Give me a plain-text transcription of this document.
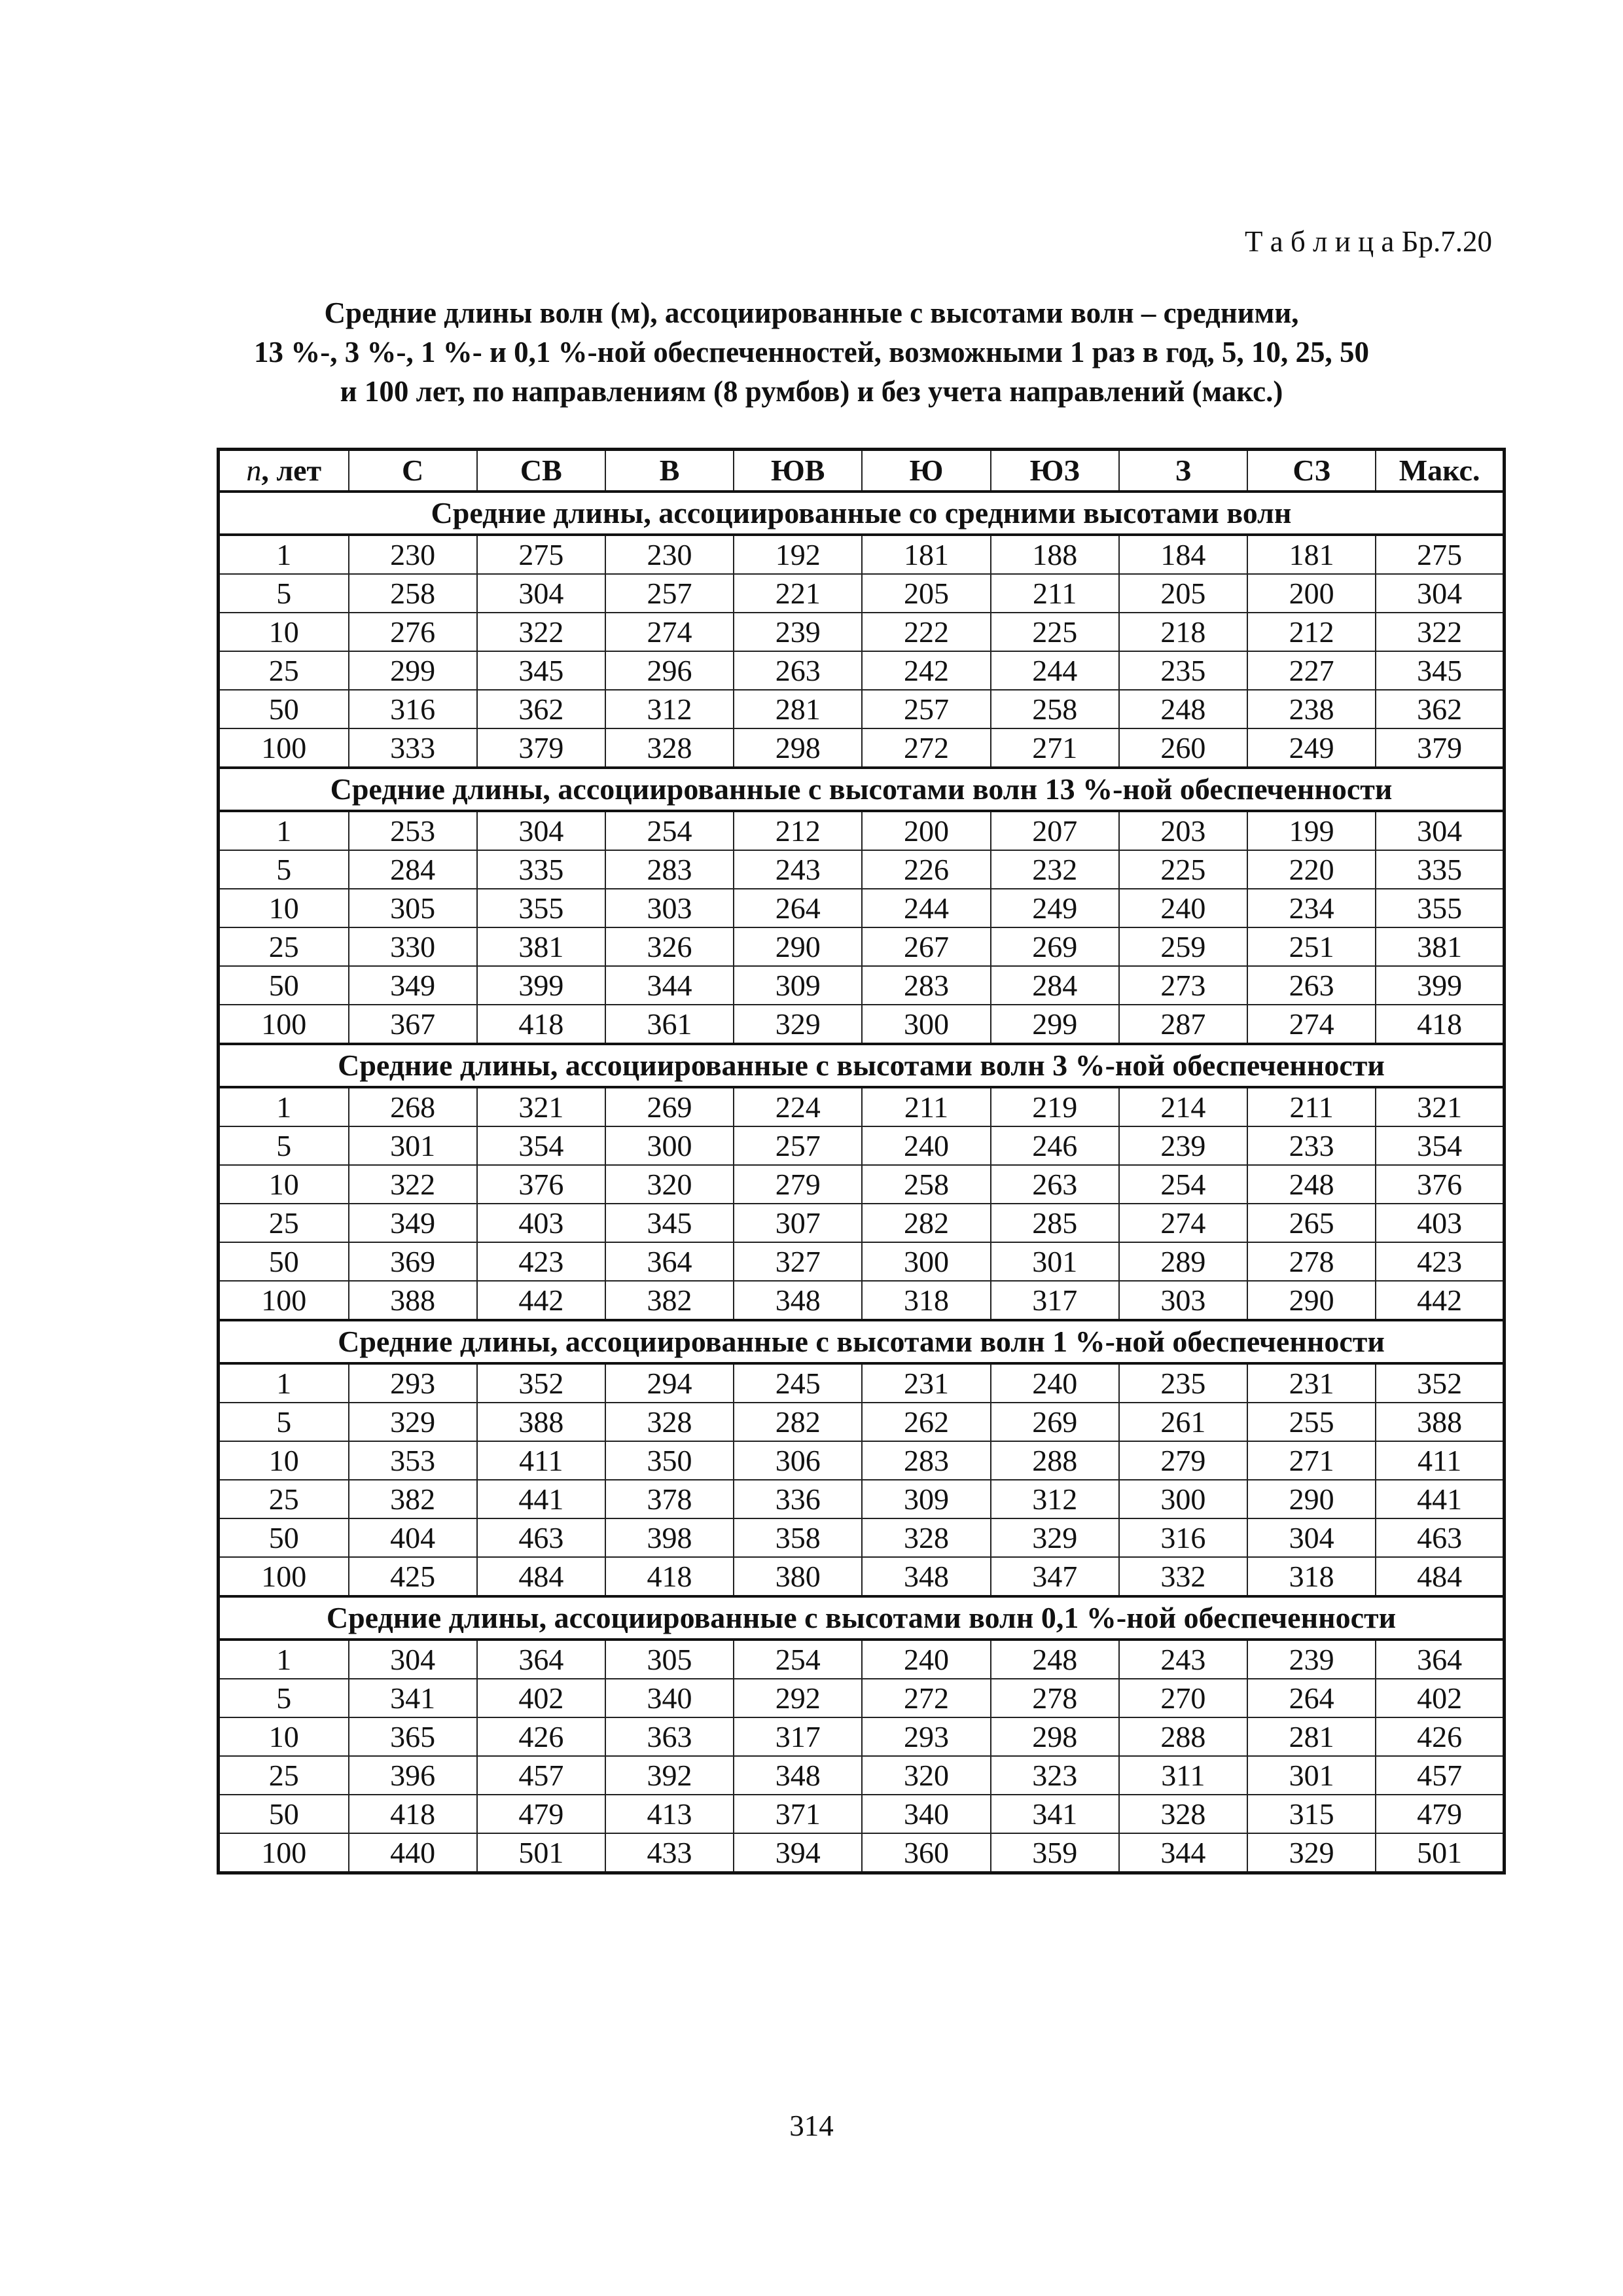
Т а б л и ц а Бр.7.20
Средние длины волн (м), ассоциированные с высотами волн – средними,
13 %-, 3 %-, 1 %- и 0,1 %-ной обеспеченностей, возможными 1 раз в год, 5, 10, 25, 50
и 100 лет, по направлениям (8 румбов) и без учета направлений (макс.)
n, лет	С	СВ	В	ЮВ	Ю	ЮЗ	З	СЗ	Макс.
Средние длины, ассоциированные со средними высотами волн									
1	230	275	230	192	181	188	184	181	275
5	258	304	257	221	205	211	205	200	304
10	276	322	274	239	222	225	218	212	322
25	299	345	296	263	242	244	235	227	345
50	316	362	312	281	257	258	248	238	362
100	333	379	328	298	272	271	260	249	379
Средние длины, ассоциированные с высотами волн 13 %-ной обеспеченности									
1	253	304	254	212	200	207	203	199	304
5	284	335	283	243	226	232	225	220	335
10	305	355	303	264	244	249	240	234	355
25	330	381	326	290	267	269	259	251	381
50	349	399	344	309	283	284	273	263	399
100	367	418	361	329	300	299	287	274	418
Средние длины, ассоциированные с высотами волн 3 %-ной обеспеченности									
1	268	321	269	224	211	219	214	211	321
5	301	354	300	257	240	246	239	233	354
10	322	376	320	279	258	263	254	248	376
25	349	403	345	307	282	285	274	265	403
50	369	423	364	327	300	301	289	278	423
100	388	442	382	348	318	317	303	290	442
Средние длины, ассоциированные с высотами волн 1 %-ной обеспеченности									
1	293	352	294	245	231	240	235	231	352
5	329	388	328	282	262	269	261	255	388
10	353	411	350	306	283	288	279	271	411
25	382	441	378	336	309	312	300	290	441
50	404	463	398	358	328	329	316	304	463
100	425	484	418	380	348	347	332	318	484
Средние длины, ассоциированные с высотами волн 0,1 %-ной обеспеченности									
1	304	364	305	254	240	248	243	239	364
5	341	402	340	292	272	278	270	264	402
10	365	426	363	317	293	298	288	281	426
25	396	457	392	348	320	323	311	301	457
50	418	479	413	371	340	341	328	315	479
100	440	501	433	394	360	359	344	329	501
314
